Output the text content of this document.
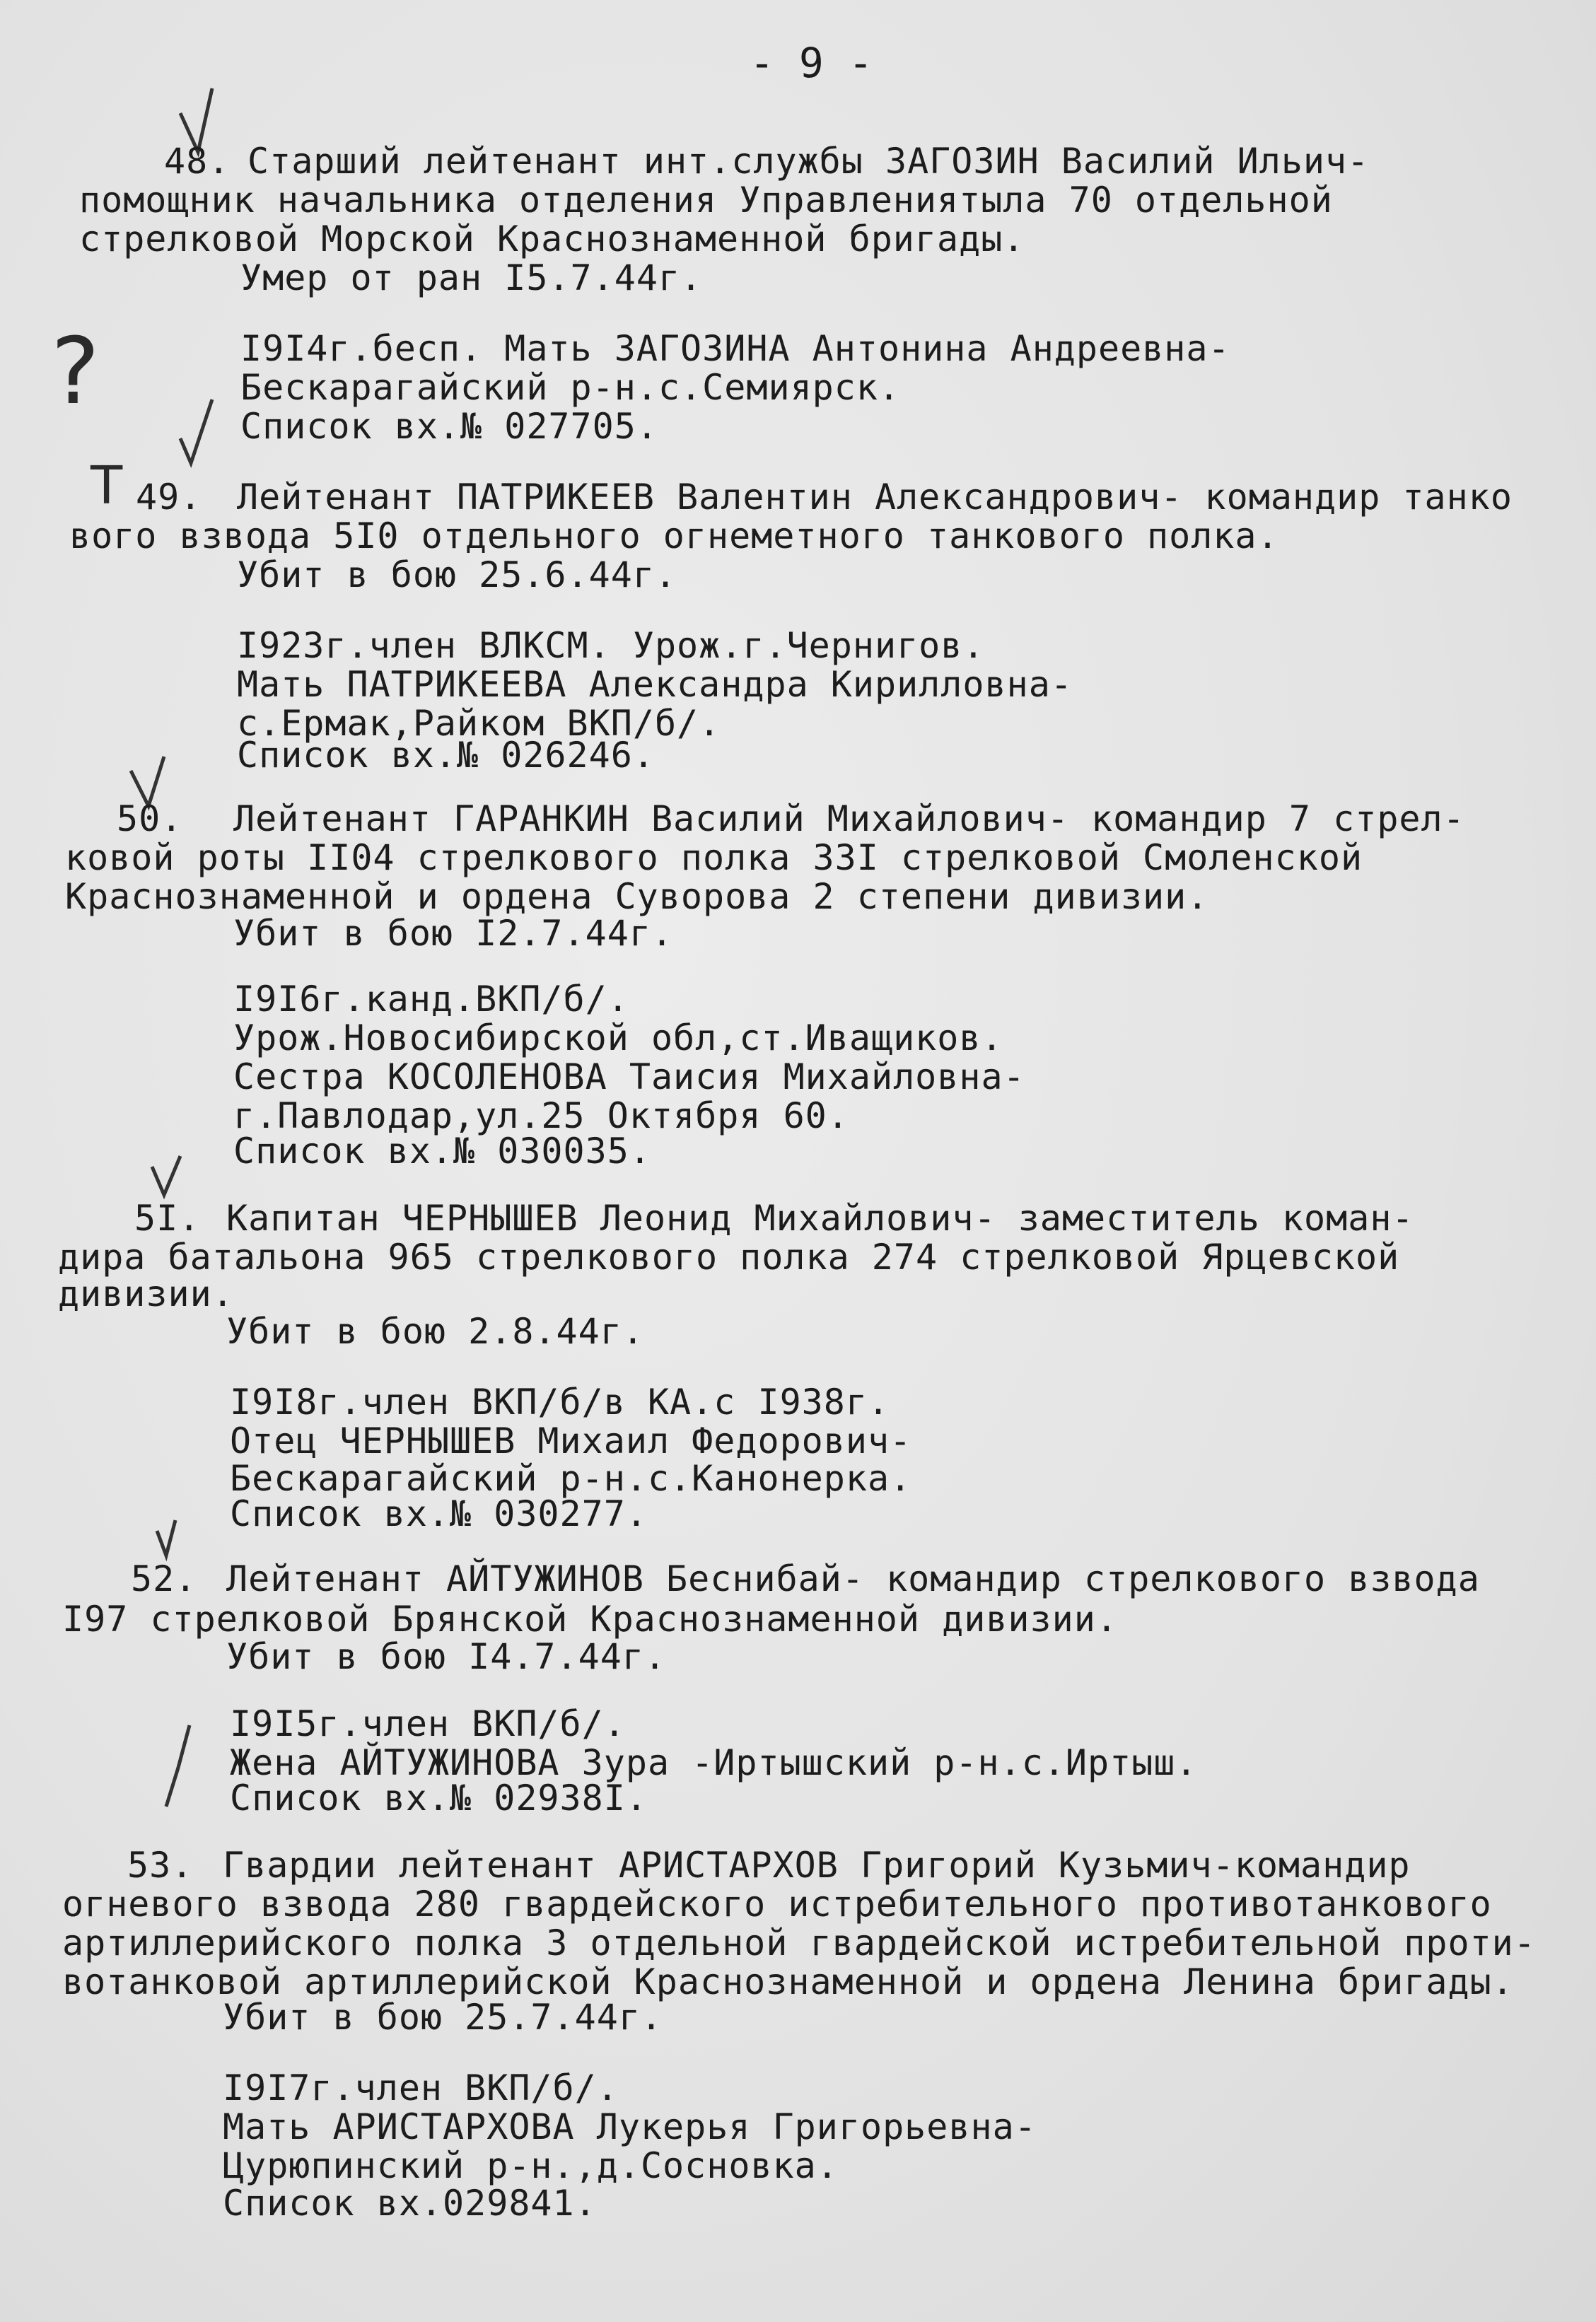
- 9 -
?
T
48. Старший лейтенант инт.службы ЗАГОЗИН Василий Ильич-
помощник начальника отделения Управлениятыла 70 отдельной
стрелковой Морской Краснознаменной бригады.
Умер от ран I5.7.44г.
I9I4г.бесп. Мать ЗАГОЗИНА Антонина Андреевна-
Бескарагайский р-н.с.Семиярск.
Список вх.№ 027705.
49. Лейтенант ПАТРИКЕЕВ Валентин Александрович- командир танко
вого взвода 5I0 отдельного огнеметного танкового полка.
Убит в бою 25.6.44г.
I923г.член ВЛКСМ. Урож.г.Чернигов.
Мать ПАТРИКЕЕВА Александра Кирилловна-
с.Ермак,Райком ВКП/б/.
Список вх.№ 026246.
50. Лейтенант ГАРАНКИН Василий Михайлович- командир 7 стрел-
ковой роты II04 стрелкового полка 33I стрелковой Смоленской
Краснознаменной и ордена Суворова 2 степени дивизии.
Убит в бою I2.7.44г.
I9I6г.канд.ВКП/б/.
Урож.Новосибирской обл,ст.Иващиков.
Сестра КОСОЛЕНОВА Таисия Михайловна-
г.Павлодар,ул.25 Октября 60.
Список вх.№ 030035.
5I. Капитан ЧЕРНЫШЕВ Леонид Михайлович- заместитель коман-
дира батальона 965 стрелкового полка 274 стрелковой Ярцевской
дивизии.
Убит в бою 2.8.44г.
I9I8г.член ВКП/б/в КА.с I938г.
Отец ЧЕРНЫШЕВ Михаил Федорович-
Бескарагайский р-н.с.Канонерка.
Список вх.№ 030277.
52. Лейтенант АЙТУЖИНОВ Беснибай- командир стрелкового взвода
I97 стрелковой Брянской Краснознаменной дивизии.
Убит в бою I4.7.44г.
I9I5г.член ВКП/б/.
Жена АЙТУЖИНОВА Зура -Иртышский р-н.с.Иртыш.
Список вх.№ 02938I.
53. Гвардии лейтенант АРИСТАРХОВ Григорий Кузьмич-командир
огневого взвода 280 гвардейского истребительного противотанкового
артиллерийского полка 3 отдельной гвардейской истребительной проти-
вотанковой артиллерийской Краснознаменной и ордена Ленина бригады.
Убит в бою 25.7.44г.
I9I7г.член ВКП/б/.
Мать АРИСТАРХОВА Лукерья Григорьевна-
Цурюпинский р-н.,д.Сосновка.
Список вх.029841.
